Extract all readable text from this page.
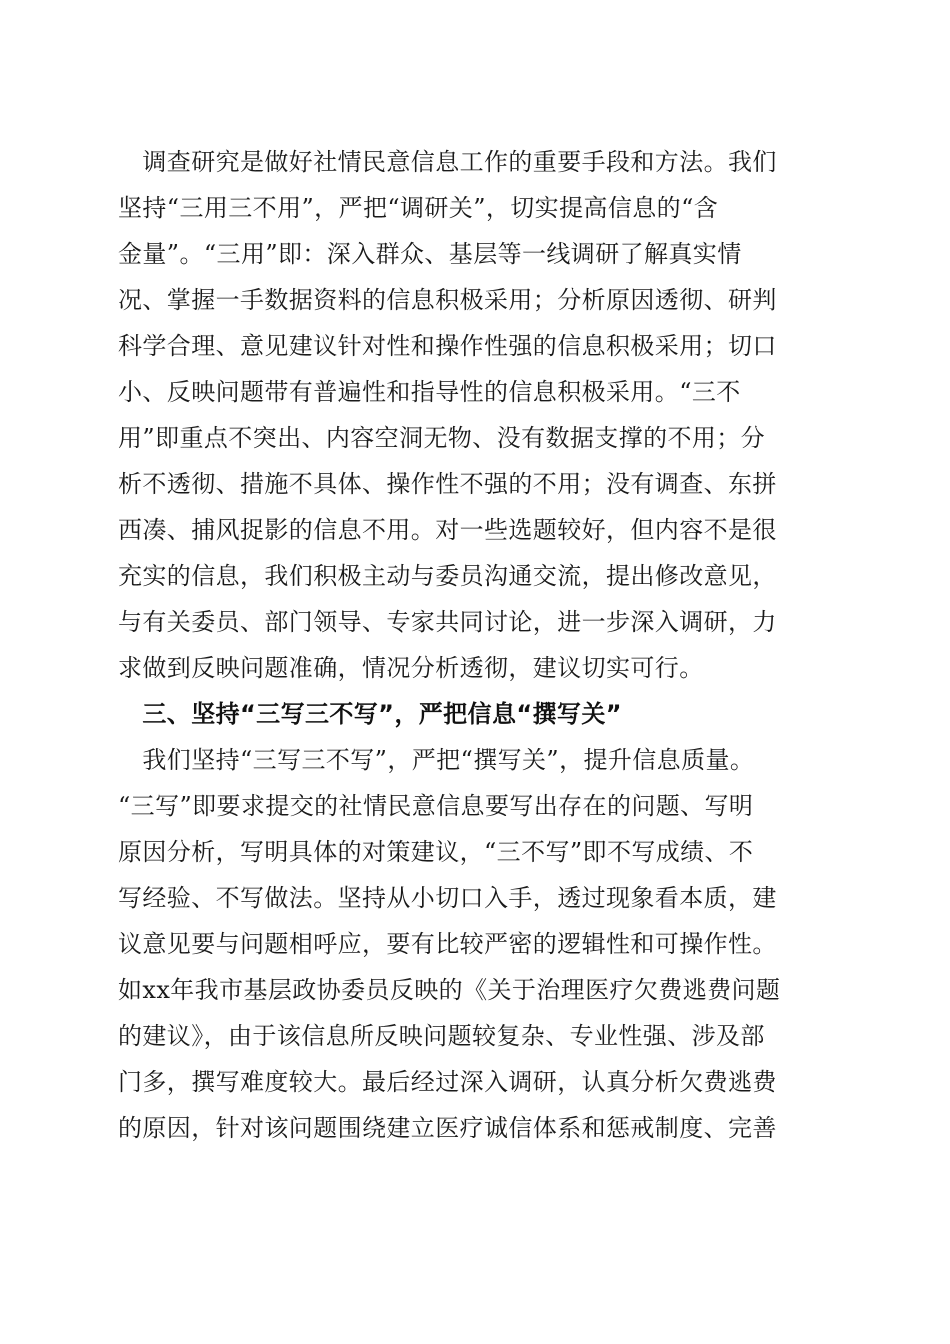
　调查研究是做好社情民意信息工作的重要手段和方法。我们
坚持“三用三不用”，严把“调研关”，切实提高信息的“含
金量”。“三用”即：深入群众、基层等一线调研了解真实情
况、掌握一手数据资料的信息积极采用；分析原因透彻、研判
科学合理、意见建议针对性和操作性强的信息积极采用；切口
小、反映问题带有普遍性和指导性的信息积极采用。“三不
用”即重点不突出、内容空洞无物、没有数据支撑的不用；分
析不透彻、措施不具体、操作性不强的不用；没有调查、东拼
西凑、捕风捉影的信息不用。对一些选题较好，但内容不是很
充实的信息，我们积极主动与委员沟通交流，提出修改意见，
与有关委员、部门领导、专家共同讨论，进一步深入调研，力
求做到反映问题准确，情况分析透彻，建议切实可行。
　三、坚持“三写三不写”，严把信息“撰写关”
　我们坚持“三写三不写”，严把“撰写关”，提升信息质量。
“三写”即要求提交的社情民意信息要写出存在的问题、写明
原因分析，写明具体的对策建议，“三不写”即不写成绩、不
写经验、不写做法。坚持从小切口入手，透过现象看本质，建
议意见要与问题相呼应，要有比较严密的逻辑性和可操作性。
如xx年我市基层政协委员反映的《关于治理医疗欠费逃费问题
的建议》，由于该信息所反映问题较复杂、专业性强、涉及部
门多，撰写难度较大。最后经过深入调研，认真分析欠费逃费
的原因，针对该问题围绕建立医疗诚信体系和惩戒制度、完善
